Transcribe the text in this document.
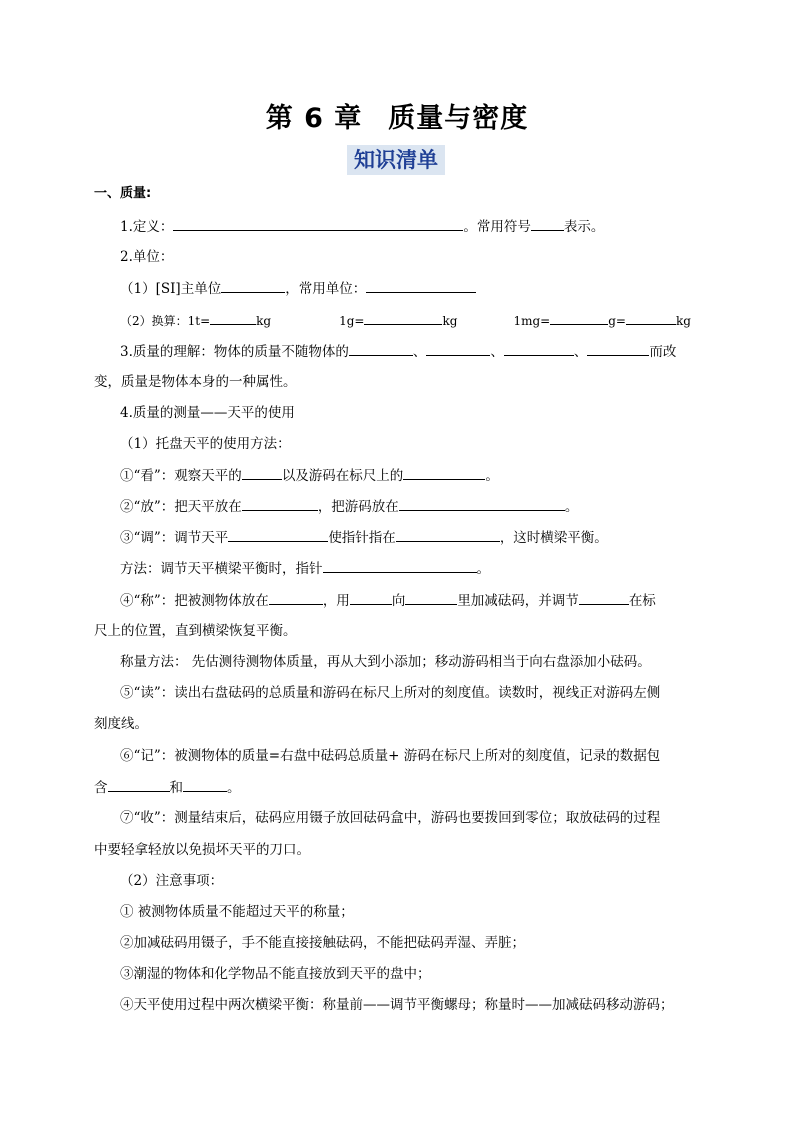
第 6 章 质量与密度
知识清单
一、质量:
1.定义：	。常用符号 表示。
2.单位：
（1）[SI]主单位	，常用单位：
（2）换算：1t=	kg	1g=	kg	1mg=	g=	kg
3.质量的理解：物体的质量不随物体的	、	、	、	而改
变，质量是物体本身的一种属性。
4.质量的测量——天平的使用
（1）托盘天平的使用方法：
①“看”：观察天平的	以及游码在标尺上的	。
②“放”：把天平放在	，把游码放在	。
③“调”：调节天平	使指针指在	，这时横梁平衡。
方法：调节天平横梁平衡时，指针	。
④“称”：把被测物体放在	，用	向	里加减砝码，并调节	在标
尺上的位置，直到横梁恢复平衡。
称量方法： 先估测待测物体质量，再从大到小添加；移动游码相当于向右盘添加小砝码。
⑤“读”：读出右盘砝码的总质量和游码在标尺上所对的刻度值。读数时，视线正对游码左侧
刻度线。
⑥“记”：被测物体的质量=右盘中砝码总质量+ 游码在标尺上所对的刻度值，记录的数据包
含	和	。
⑦“收”：测量结束后，砝码应用镊子放回砝码盒中，游码也要拨回到零位；取放砝码的过程
中要轻拿轻放以免损坏天平的刀口。
（2）注意事项：
① 被测物体质量不能超过天平的称量；
②加减砝码用镊子，手不能直接接触砝码，不能把砝码弄湿、弄脏；
③潮湿的物体和化学物品不能直接放到天平的盘中；
④天平使用过程中两次横梁平衡：称量前——调节平衡螺母；称量时——加减砝码移动游码；
